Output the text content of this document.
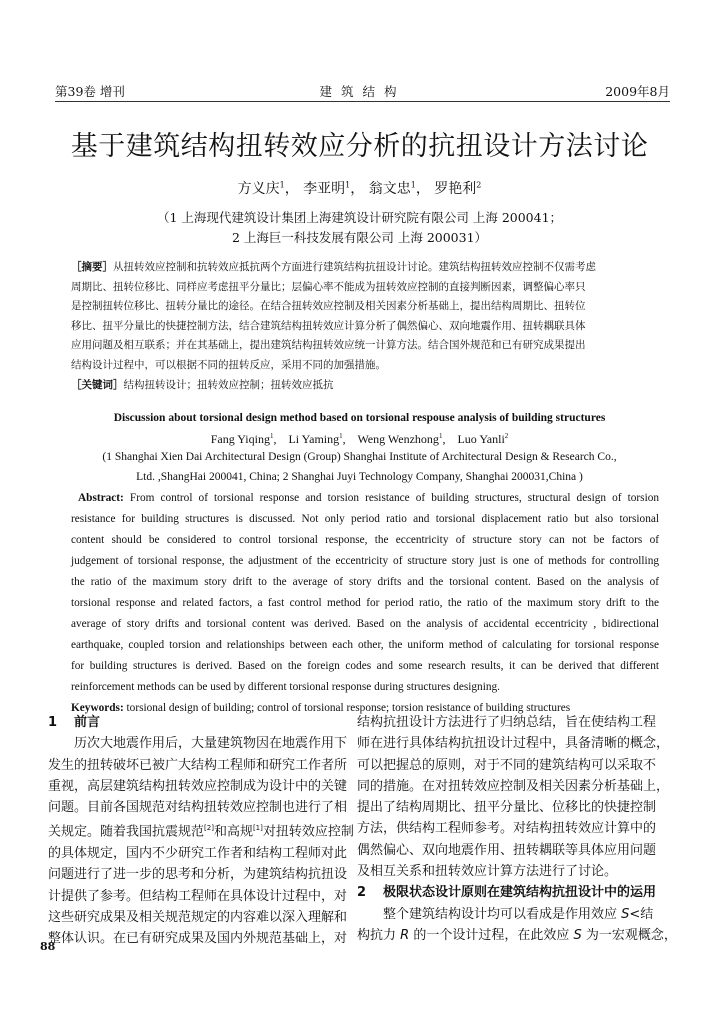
第39卷 增刊	建筑结构	2009年8月
基于建筑结构扭转效应分析的抗扭设计方法讨论
方义庆$^1$， 李亚明$^1$， 翁文忠$^1$， 罗艳利$^2$
（1 上海现代建筑设计集团上海建筑设计研究院有限公司 上海 200041；
2 上海巨一科技发展有限公司 上海 200031）
［摘要］从扭转效应控制和抗转效应抵抗两个方面进行建筑结构抗扭设计讨论。建筑结构扭转效应控制不仅需考虑
周期比、扭转位移比、同样应考虑扭平分量比；层偏心率不能成为扭转效应控制的直接判断因素，调整偏心率只
是控制扭转位移比、扭转分量比的途径。在结合扭转效应控制及相关因素分析基础上，提出结构周期比、扭转位
移比、扭平分量比的快捷控制方法，结合建筑结构扭转效应计算分析了偶然偏心、双向地震作用、扭转耦联具体
应用问题及相互联系；并在其基础上，提出建筑结构扭转效应统一计算方法。结合国外规范和已有研究成果提出
结构设计过程中，可以根据不同的扭转反应，采用不同的加强措施。
［关键词］结构扭转设计；扭转效应控制；扭转效应抵抗
Discussion about torsional design method based on torsional respouse analysis of building structures
Fang Yiqing$^1$,    Li Yaming$^1$,    Weng Wenzhong$^1$,    Luo Yanli$^2$
(1 Shanghai Xien Dai Architectural Design (Group) Shanghai Institute of Architectural Design & Research Co.,
Ltd. ,ShangHai 200041, China; 2 Shanghai Juyi Technology Company, Shanghai 200031,China )
Abstract: From control of torsional response and torsion resistance of building structures, structural design of torsion
resistance for building structures is discussed. Not only period ratio and torsional displacement ratio but also torsional
content should be considered to control torsional response, the eccentricity of structure story can not be factors of
judgement of torsional response, the adjustment of the eccentricity of structure story just is one of methods for controlling
the ratio of the maximum story drift to the average of story drifts and the torsional content. Based on the analysis of
torsional response and related factors, a fast control method for period ratio, the ratio of the maximum story drift to the
average of story drifts and torsional content was derived. Based on the analysis of accidental eccentricity , bidirectional
earthquake, coupled torsion and relationships between each other, the uniform method of calculating for torsional response
for building structures is derived. Based on the foreign codes and some research results, it can be derived that different
reinforcement methods can be used by different torsional response during structures designing.
Keywords: torsional design of building; control of torsional response; torsion resistance of building structures
1 前言
历次大地震作用后，大量建筑物因在地震作用下
发生的扭转破坏已被广大结构工程师和研究工作者所
重视，高层建筑结构扭转效应控制成为设计中的关键
问题。目前各国规范对结构扭转效应控制也进行了相
关规定。随着我国抗震规范[2]和高规[1]对扭转效应控制
的具体规定，国内不少研究工作者和结构工程师对此
问题进行了进一步的思考和分析，为建筑结构抗扭设
计提供了参考。但结构工程师在具体设计过程中，对
这些研究成果及相关规范规定的内容难以深入理解和
整体认识。在已有研究成果及国内外规范基础上，对
结构抗扭设计方法进行了归纳总结，旨在使结构工程
师在进行具体结构抗扭设计过程中，具备清晰的概念，
可以把握总的原则，对于不同的建筑结构可以采取不
同的措施。在对扭转效应控制及相关因素分析基础上，
提出了结构周期比、扭平分量比、位移比的快捷控制
方法，供结构工程师参考。对结构扭转效应计算中的
偶然偏心、双向地震作用、扭转耦联等具体应用问题
及相互关系和扭转效应计算方法进行了讨论。
2 极限状态设计原则在建筑结构抗扭设计中的运用
整个建筑结构设计均可以看成是作用效应 S<结
构抗力 R 的一个设计过程，在此效应 S 为一宏观概念，
88
